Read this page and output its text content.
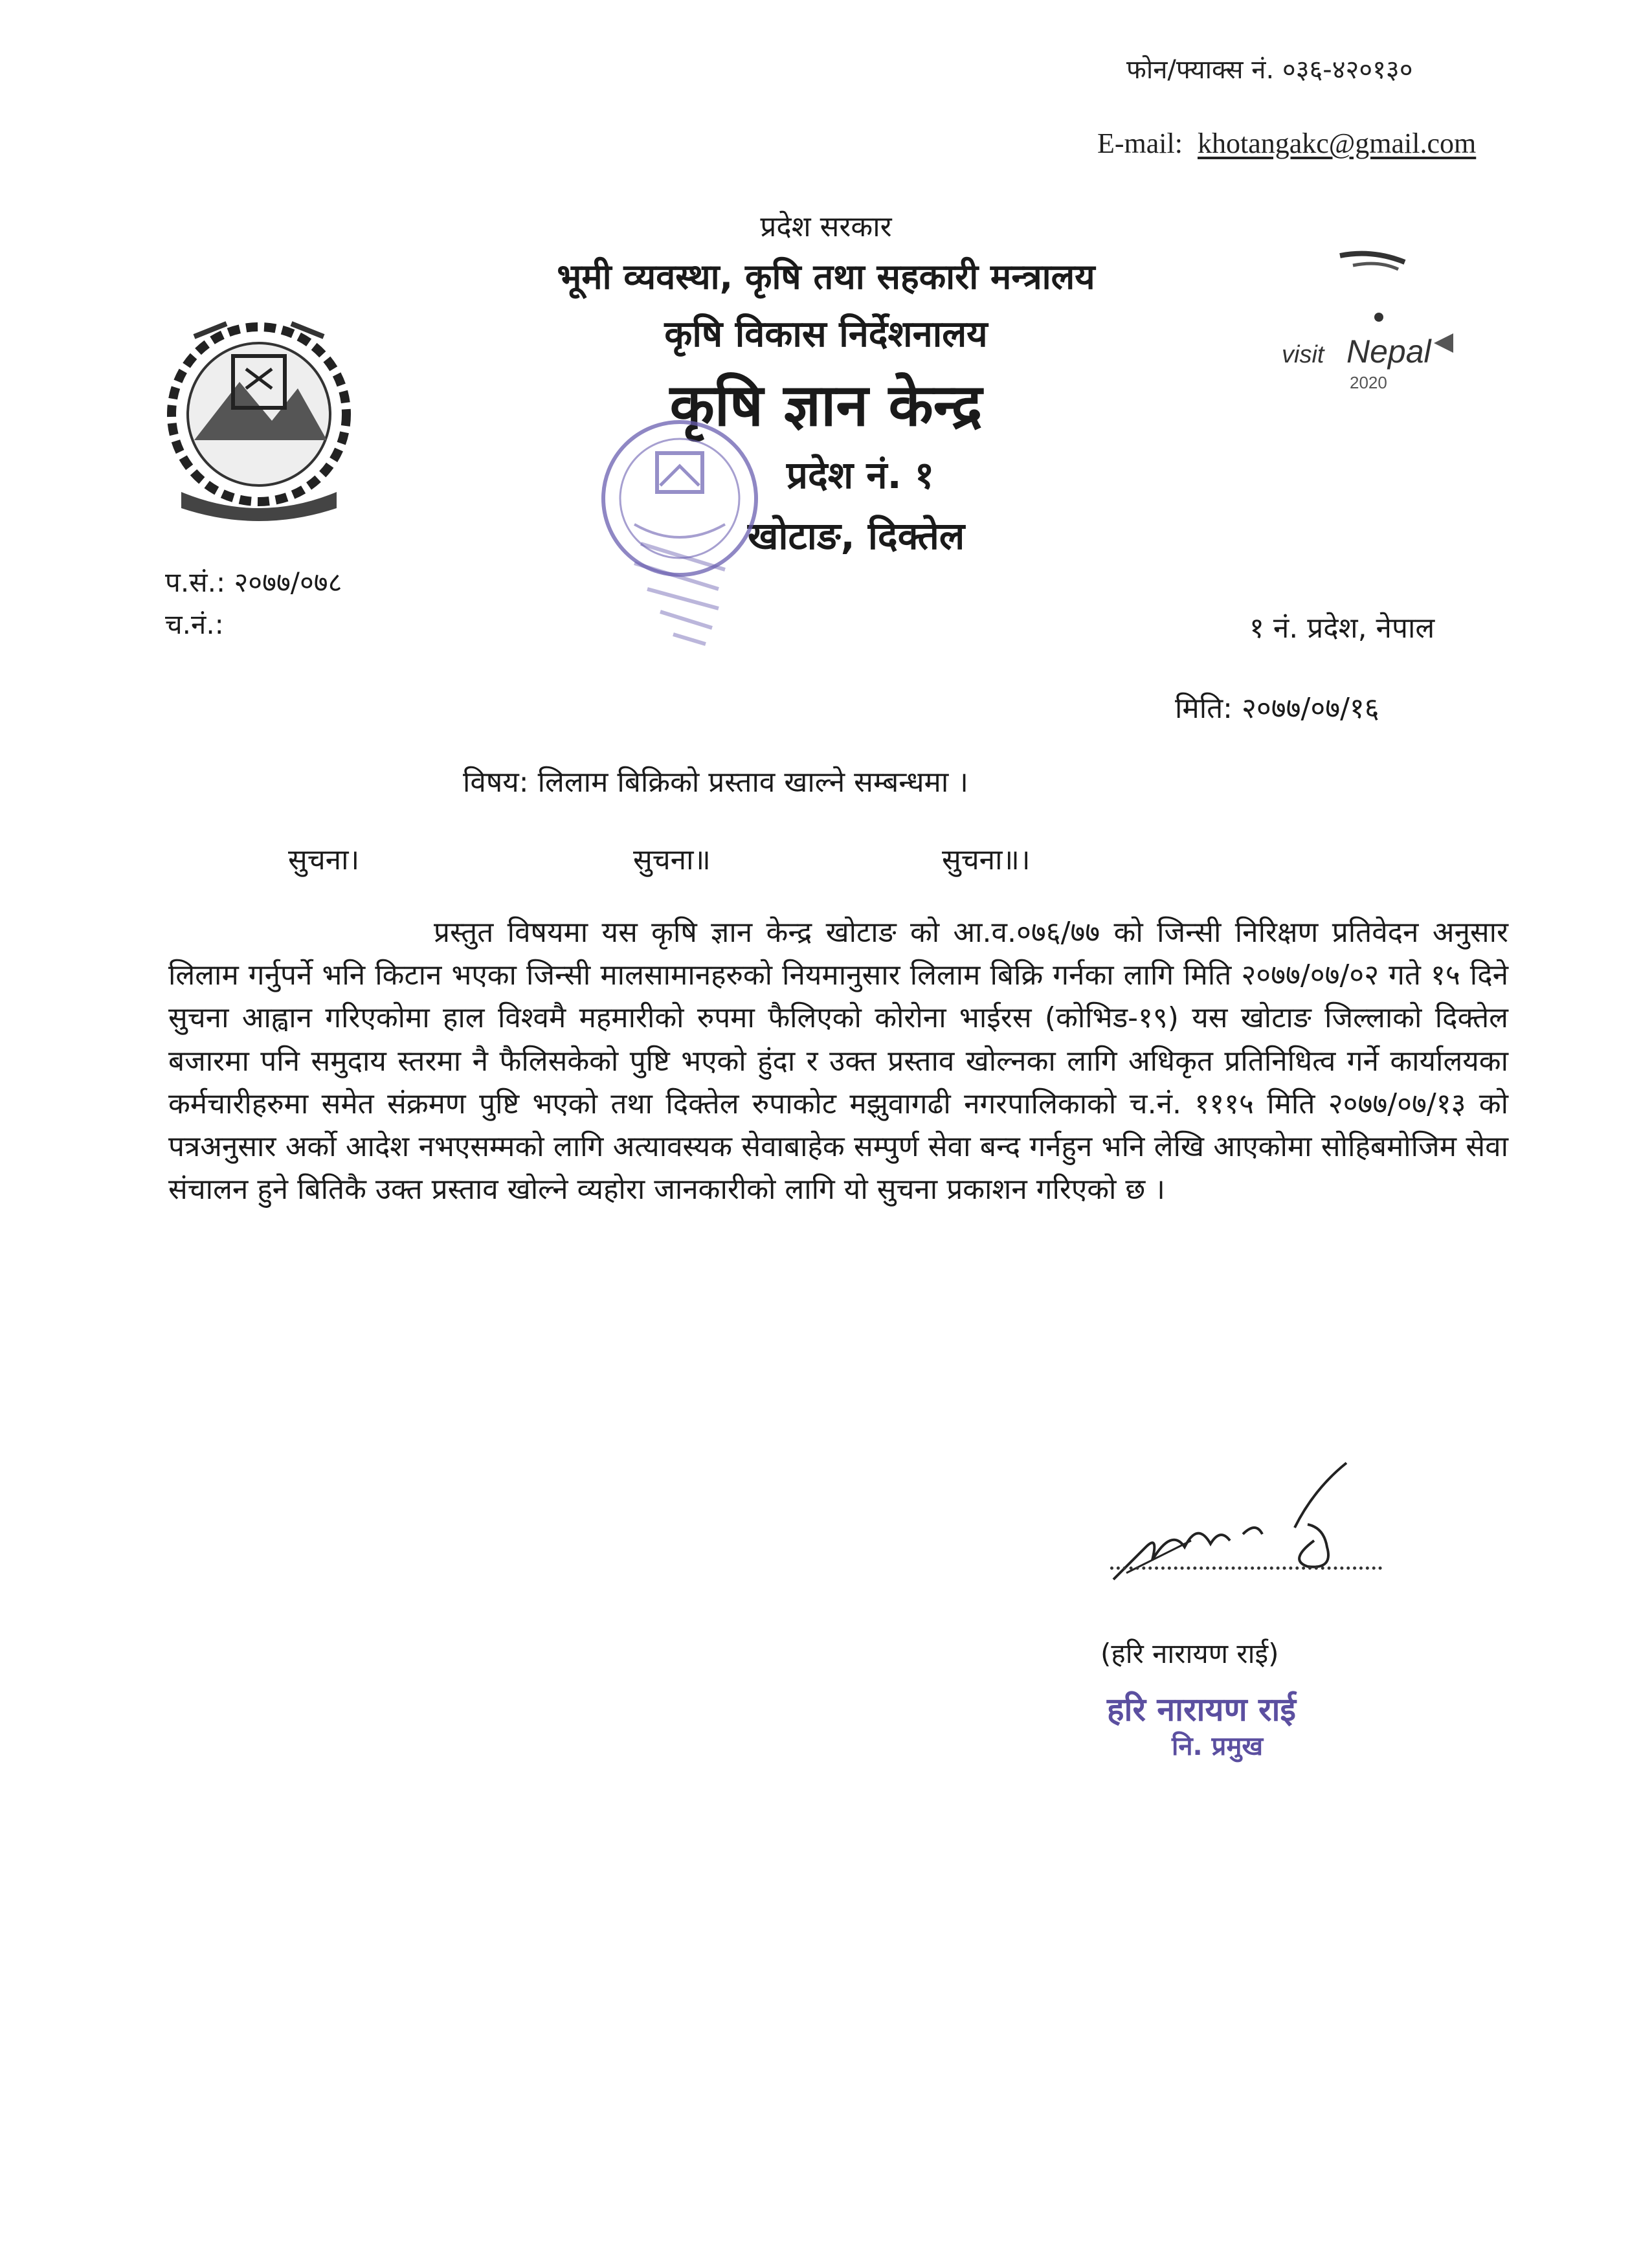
फोन/फ्याक्स नं. ०३६-४२०१३०
E-mail: khotangakc@gmail.com
प्रदेश सरकार
भूमी व्यवस्था, कृषि तथा सहकारी मन्त्रालय
कृषि विकास निर्देशनालय
कृषि ज्ञान केन्द्र
प्रदेश नं. १
खोटाङ, दिक्तेल
visit Nepal
2020
प.सं.: २०७७/०७८
च.नं.:	१ नं. प्रदेश, नेपाल
मिति: २०७७/०७/१६
विषय: लिलाम बिक्रिको प्रस्ताव खाल्ने सम्बन्धमा ।
सुचना।	सुचना॥	सुचना॥।
प्रस्तुत विषयमा यस कृषि ज्ञान केन्द्र खोटाङ को आ.व.०७६/७७ को जिन्सी निरिक्षण प्रतिवेदन अनुसार लिलाम गर्नुपर्ने भनि किटान भएका जिन्सी मालसामानहरुको नियमानुसार लिलाम बिक्रि गर्नका लागि मिति २०७७/०७/०२ गते १५ दिने सुचना आह्वान गरिएकोमा हाल विश्वमै महमारीको रुपमा फैलिएको कोरोना भाईरस (कोभिड-१९) यस खोटाङ जिल्लाको दिक्तेल बजारमा पनि समुदाय स्तरमा नै फैलिसकेको पुष्टि भएको हुंदा र उक्त प्रस्ताव खोल्नका लागि अधिकृत प्रतिनिधित्व गर्ने कार्यालयका कर्मचारीहरुमा समेत संक्रमण पुष्टि भएको तथा दिक्तेल रुपाकोट मझुवागढी नगरपालिकाको च.नं. १११५ मिति २०७७/०७/१३ को पत्रअनुसार अर्को आदेश नभएसम्मको लागि अत्यावस्यक सेवाबाहेक सम्पुर्ण सेवा बन्द गर्नहुन भनि लेखि आएकोमा सोहिबमोजिम सेवा संचालन हुने बितिकै उक्त प्रस्ताव खोल्ने व्यहोरा जानकारीको लागि यो सुचना प्रकाशन गरिएको छ ।
(हरि नारायण राई)
हरि नारायण राई
नि. प्रमुख
